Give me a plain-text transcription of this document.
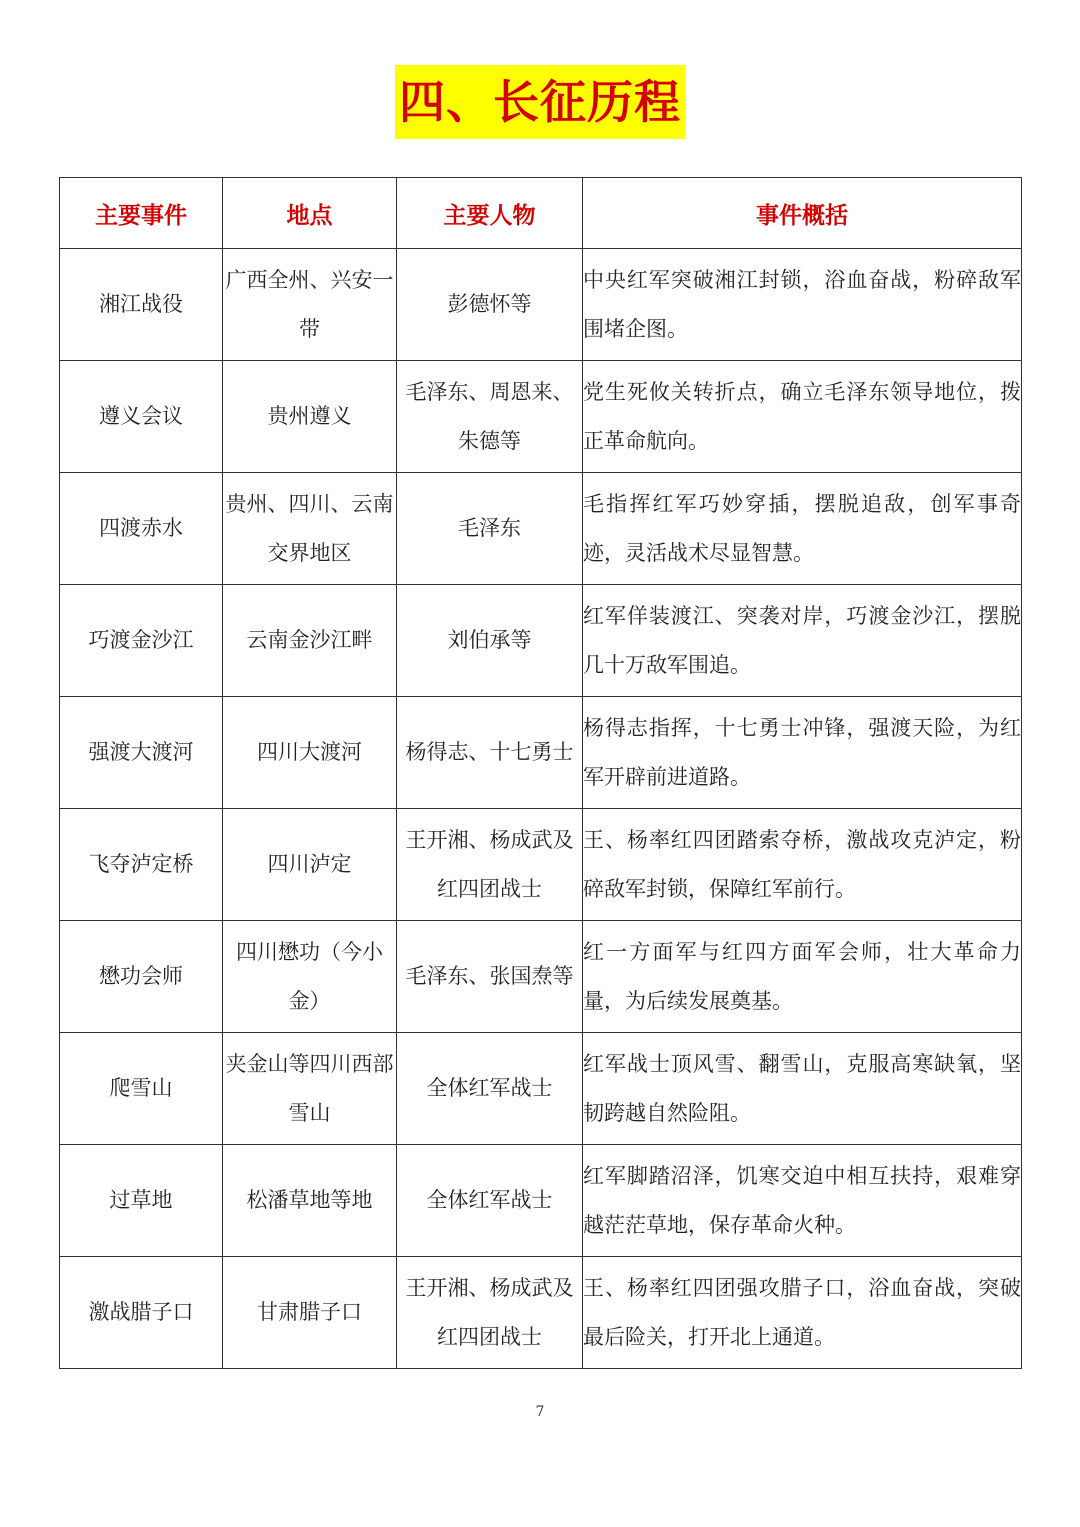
四、长征历程
主要事件	地点	主要人物	事件概括
湘江战役	广西全州、兴安一带	彭德怀等	中央红军突破湘江封锁，浴血奋战，粉碎敌军围堵企图。
遵义会议	贵州遵义	毛泽东、周恩来、朱德等	党生死攸关转折点，确立毛泽东领导地位，拨正革命航向。
四渡赤水	贵州、四川、云南交界地区	毛泽东	毛指挥红军巧妙穿插，摆脱追敌，创军事奇迹，灵活战术尽显智慧。
巧渡金沙江	云南金沙江畔	刘伯承等	红军佯装渡江、突袭对岸，巧渡金沙江，摆脱几十万敌军围追。
强渡大渡河	四川大渡河	杨得志、十七勇士	杨得志指挥，十七勇士冲锋，强渡天险，为红军开辟前进道路。
飞夺泸定桥	四川泸定	王开湘、杨成武及红四团战士	王、杨率红四团踏索夺桥，激战攻克泸定，粉碎敌军封锁，保障红军前行。
懋功会师	四川懋功（今小金）	毛泽东、张国焘等	红一方面军与红四方面军会师，壮大革命力量，为后续发展奠基。
爬雪山	夹金山等四川西部雪山	全体红军战士	红军战士顶风雪、翻雪山，克服高寒缺氧，坚韧跨越自然险阻。
过草地	松潘草地等地	全体红军战士	红军脚踏沼泽，饥寒交迫中相互扶持，艰难穿越茫茫草地，保存革命火种。
激战腊子口	甘肃腊子口	王开湘、杨成武及红四团战士	王、杨率红四团强攻腊子口，浴血奋战，突破最后险关，打开北上通道。
7
